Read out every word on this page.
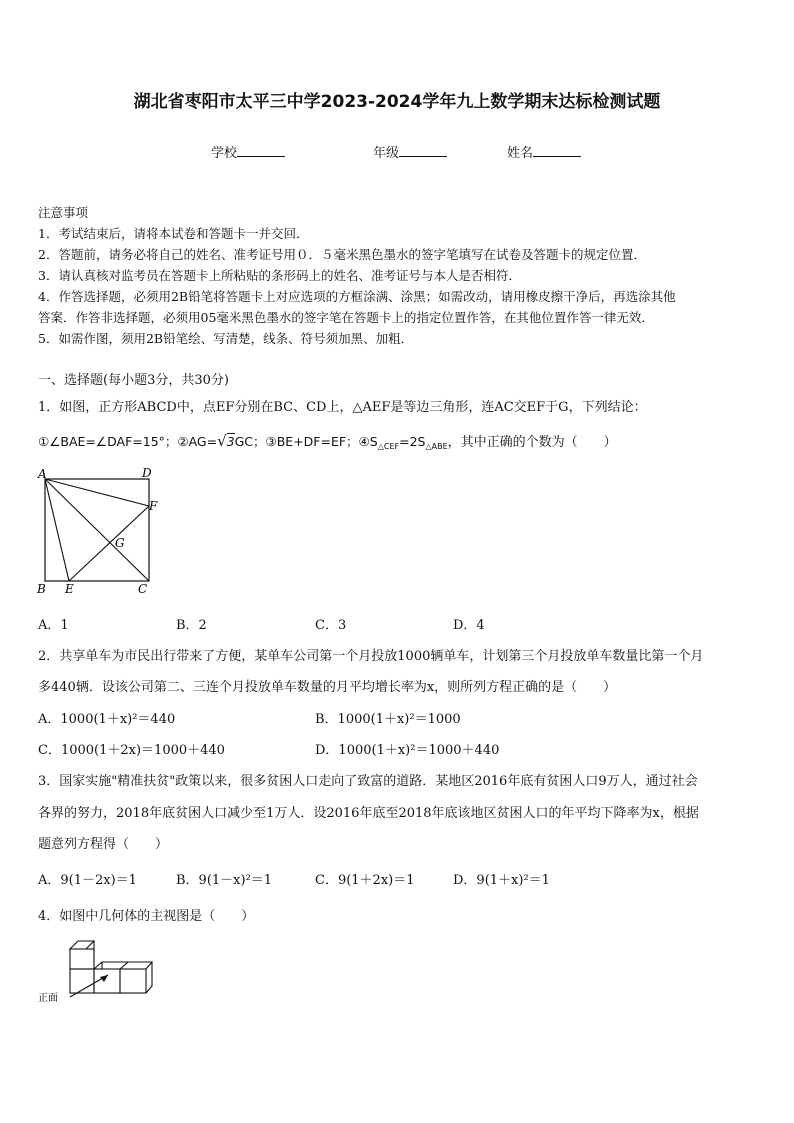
湖北省枣阳市太平三中学2023-2024学年九上数学期末达标检测试题
学校	年级	姓名
注意事项
1．考试结束后，请将本试卷和答题卡一并交回．
2．答题前，请务必将自己的姓名、准考证号用０．５毫米黑色墨水的签字笔填写在试卷及答题卡的规定位置．
3．请认真核对监考员在答题卡上所粘贴的条形码上的姓名、准考证号与本人是否相符．
4．作答选择题，必须用2B铅笔将答题卡上对应选项的方框涂满、涂黑；如需改动，请用橡皮擦干净后，再选涂其他
答案．作答非选择题，必须用05毫米黑色墨水的签字笔在答题卡上的指定位置作答，在其他位置作答一律无效．
5．如需作图，须用2B铅笔绘、写清楚，线条、符号须加黑、加粗．
一、选择题(每小题3分，共30分)
1．如图，正方形ABCD中，点EF分别在BC、CD上，△AEF是等边三角形，连AC交EF于G，下列结论：
①∠BAE=∠DAF=15°；②AG=√3GC；③BE+DF=EF；$④S_{\triangle CEF}=2S_{\triangle ABE}$，其中正确的个数为（　　）
A	D
F
G
B E	C
A．1	B．2	C．3	D．4
2．共享单车为市民出行带来了方便，某单车公司第一个月投放1000辆单车，计划第三个月投放单车数量比第一个月
多440辆．设该公司第二、三连个月投放单车数量的月平均增长率为x，则所列方程正确的是（　　）
A．1000(1＋x)²＝440	B．1000(1＋x)²＝1000
C．1000(1＋2x)＝1000＋440	D．1000(1＋x)²＝1000＋440
3．国家实施"精准扶贫"政策以来，很多贫困人口走向了致富的道路．某地区2016年底有贫困人口9万人，通过社会
各界的努力，2018年底贫困人口减少至1万人．设2016年底至2018年底该地区贫困人口的年平均下降率为x，根据
题意列方程得（　　）
A．9(1－2x)＝1	B．9(1－x)²＝1	C．9(1＋2x)＝1	D．9(1＋x)²＝1
4．如图中几何体的主视图是（　　）
正面
